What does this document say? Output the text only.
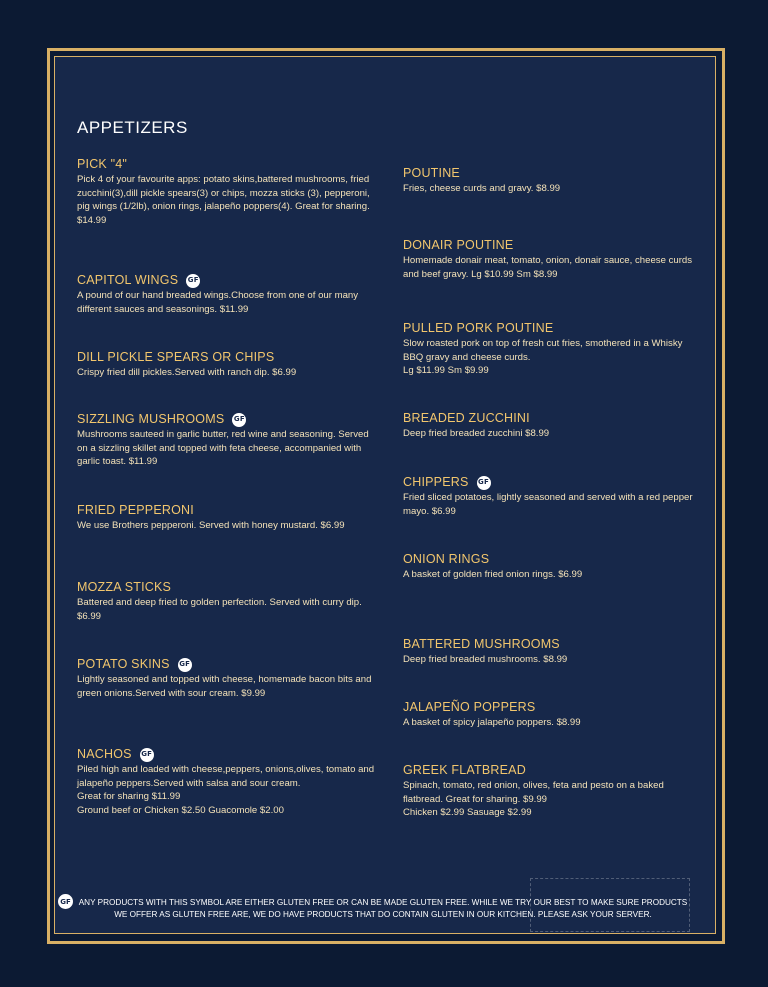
APPETIZERS
PICK "4"
Pick 4 of your favourite apps: potato skins,battered mushrooms, fried zucchini(3),dill pickle spears(3) or chips, mozza sticks (3), pepperoni, pig wings (1/2lb), onion rings, jalapeño poppers(4). Great for sharing. $14.99
CAPITOL WINGS GF
A pound of our hand breaded wings.Choose from one of our many different sauces and seasonings. $11.99
DILL PICKLE SPEARS OR CHIPS
Crispy fried dill pickles.Served with ranch dip. $6.99
SIZZLING MUSHROOMS GF
Mushrooms sauteed in garlic butter, red wine and seasoning. Served on a sizzling skillet and topped with feta cheese, accompanied with garlic toast. $11.99
FRIED PEPPERONI
We use Brothers pepperoni. Served with honey mustard. $6.99
MOZZA STICKS
Battered and deep fried to golden perfection. Served with curry dip. $6.99
POTATO SKINS GF
Lightly seasoned and topped with cheese, homemade bacon bits and green onions.Served with sour cream. $9.99
NACHOS GF
Piled high and loaded with cheese,peppers, onions,olives, tomato and jalapeño peppers.Served with salsa and sour cream.
Great for sharing $11.99
Ground beef or Chicken $2.50 Guacomole $2.00
POUTINE
Fries, cheese curds and gravy. $8.99
DONAIR POUTINE
Homemade donair meat, tomato, onion, donair sauce, cheese curds and beef gravy. Lg $10.99 Sm $8.99
PULLED PORK POUTINE
Slow roasted pork on top of fresh cut fries, smothered in a Whisky BBQ gravy and cheese curds.
Lg $11.99 Sm $9.99
BREADED ZUCCHINI
Deep fried breaded zucchini $8.99
CHIPPERS GF
Fried sliced potatoes, lightly seasoned and served with a red pepper mayo. $6.99
ONION RINGS
A basket of golden fried onion rings. $6.99
BATTERED MUSHROOMS
Deep fried breaded mushrooms. $8.99
JALAPEÑO POPPERS
A basket of spicy jalapeño poppers. $8.99
GREEK FLATBREAD
Spinach, tomato, red onion, olives, feta and pesto on a baked flatbread. Great for sharing. $9.99
Chicken $2.99 Sasuage $2.99
GF ANY PRODUCTS WITH THIS SYMBOL ARE EITHER GLUTEN FREE OR CAN BE MADE GLUTEN FREE. WHILE WE TRY OUR BEST TO MAKE SURE PRODUCTS
WE OFFER AS GLUTEN FREE ARE, WE DO HAVE PRODUCTS THAT DO CONTAIN GLUTEN IN OUR KITCHEN. PLEASE ASK YOUR SERVER.
